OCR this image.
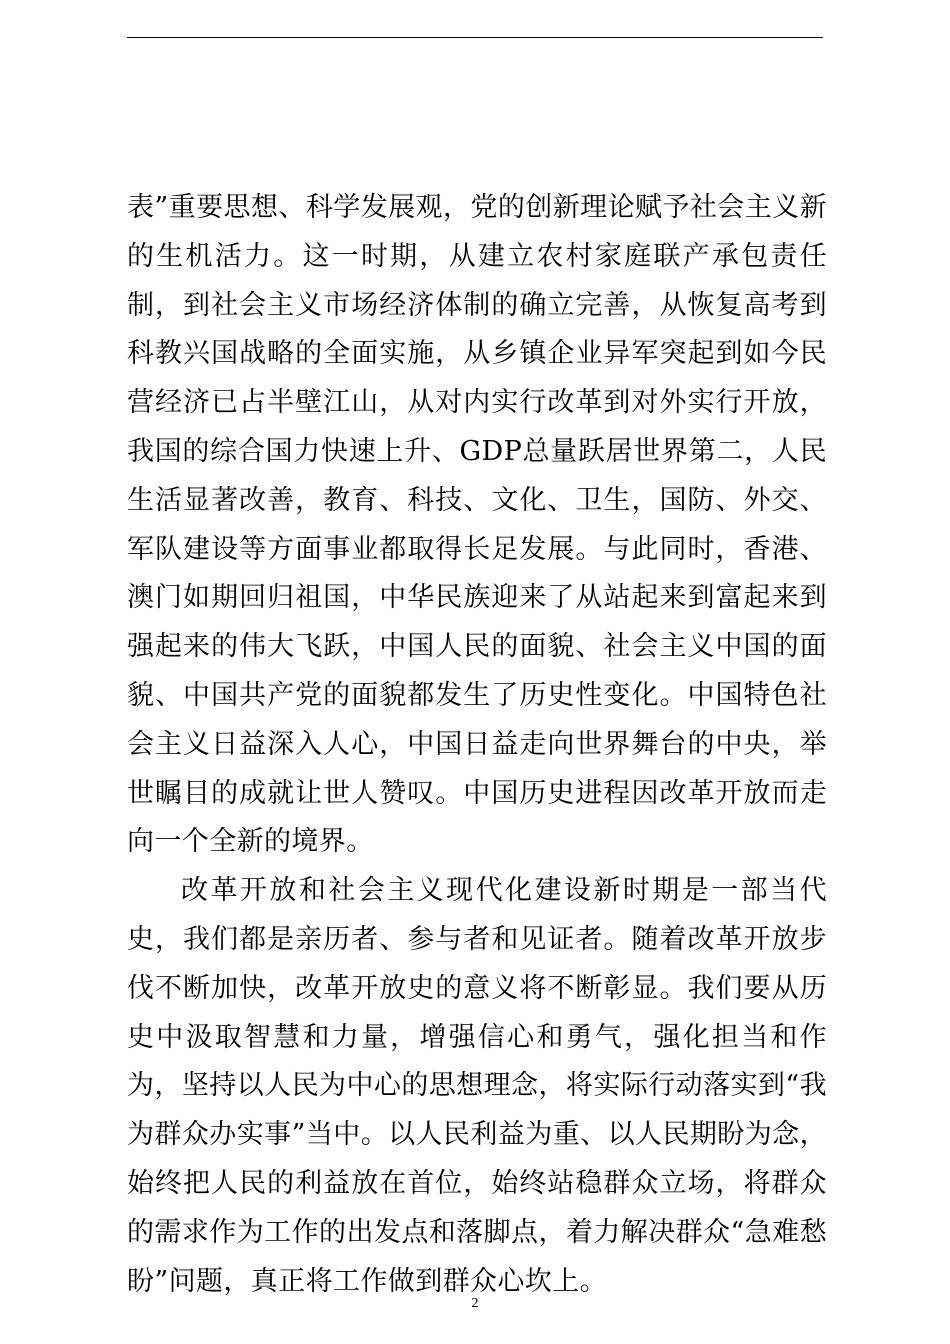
表”重要思想、科学发展观，党的创新理论赋予社会主义新的生机活力。这一时期，从建立农村家庭联产承包责任制，到社会主义市场经济体制的确立完善，从恢复高考到科教兴国战略的全面实施，从乡镇企业异军突起到如今民营经济已占半壁江山，从对内实行改革到对外实行开放，我国的综合国力快速上升、GDP总量跃居世界第二，人民生活显著改善，教育、科技、文化、卫生，国防、外交、军队建设等方面事业都取得长足发展。与此同时，香港、澳门如期回归祖国，中华民族迎来了从站起来到富起来到强起来的伟大飞跃，中国人民的面貌、社会主义中国的面貌、中国共产党的面貌都发生了历史性变化。中国特色社会主义日益深入人心，中国日益走向世界舞台的中央，举世瞩目的成就让世人赞叹。中国历史进程因改革开放而走向一个全新的境界。

改革开放和社会主义现代化建设新时期是一部当代史，我们都是亲历者、参与者和见证者。随着改革开放步伐不断加快，改革开放史的意义将不断彰显。我们要从历史中汲取智慧和力量，增强信心和勇气，强化担当和作为，坚持以人民为中心的思想理念，将实际行动落实到“我为群众办实事”当中。以人民利益为重、以人民期盼为念，始终把人民的利益放在首位，始终站稳群众立场，将群众的需求作为工作的出发点和落脚点，着力解决群众“急难愁盼”问题，真正将工作做到群众心坎上。

2
